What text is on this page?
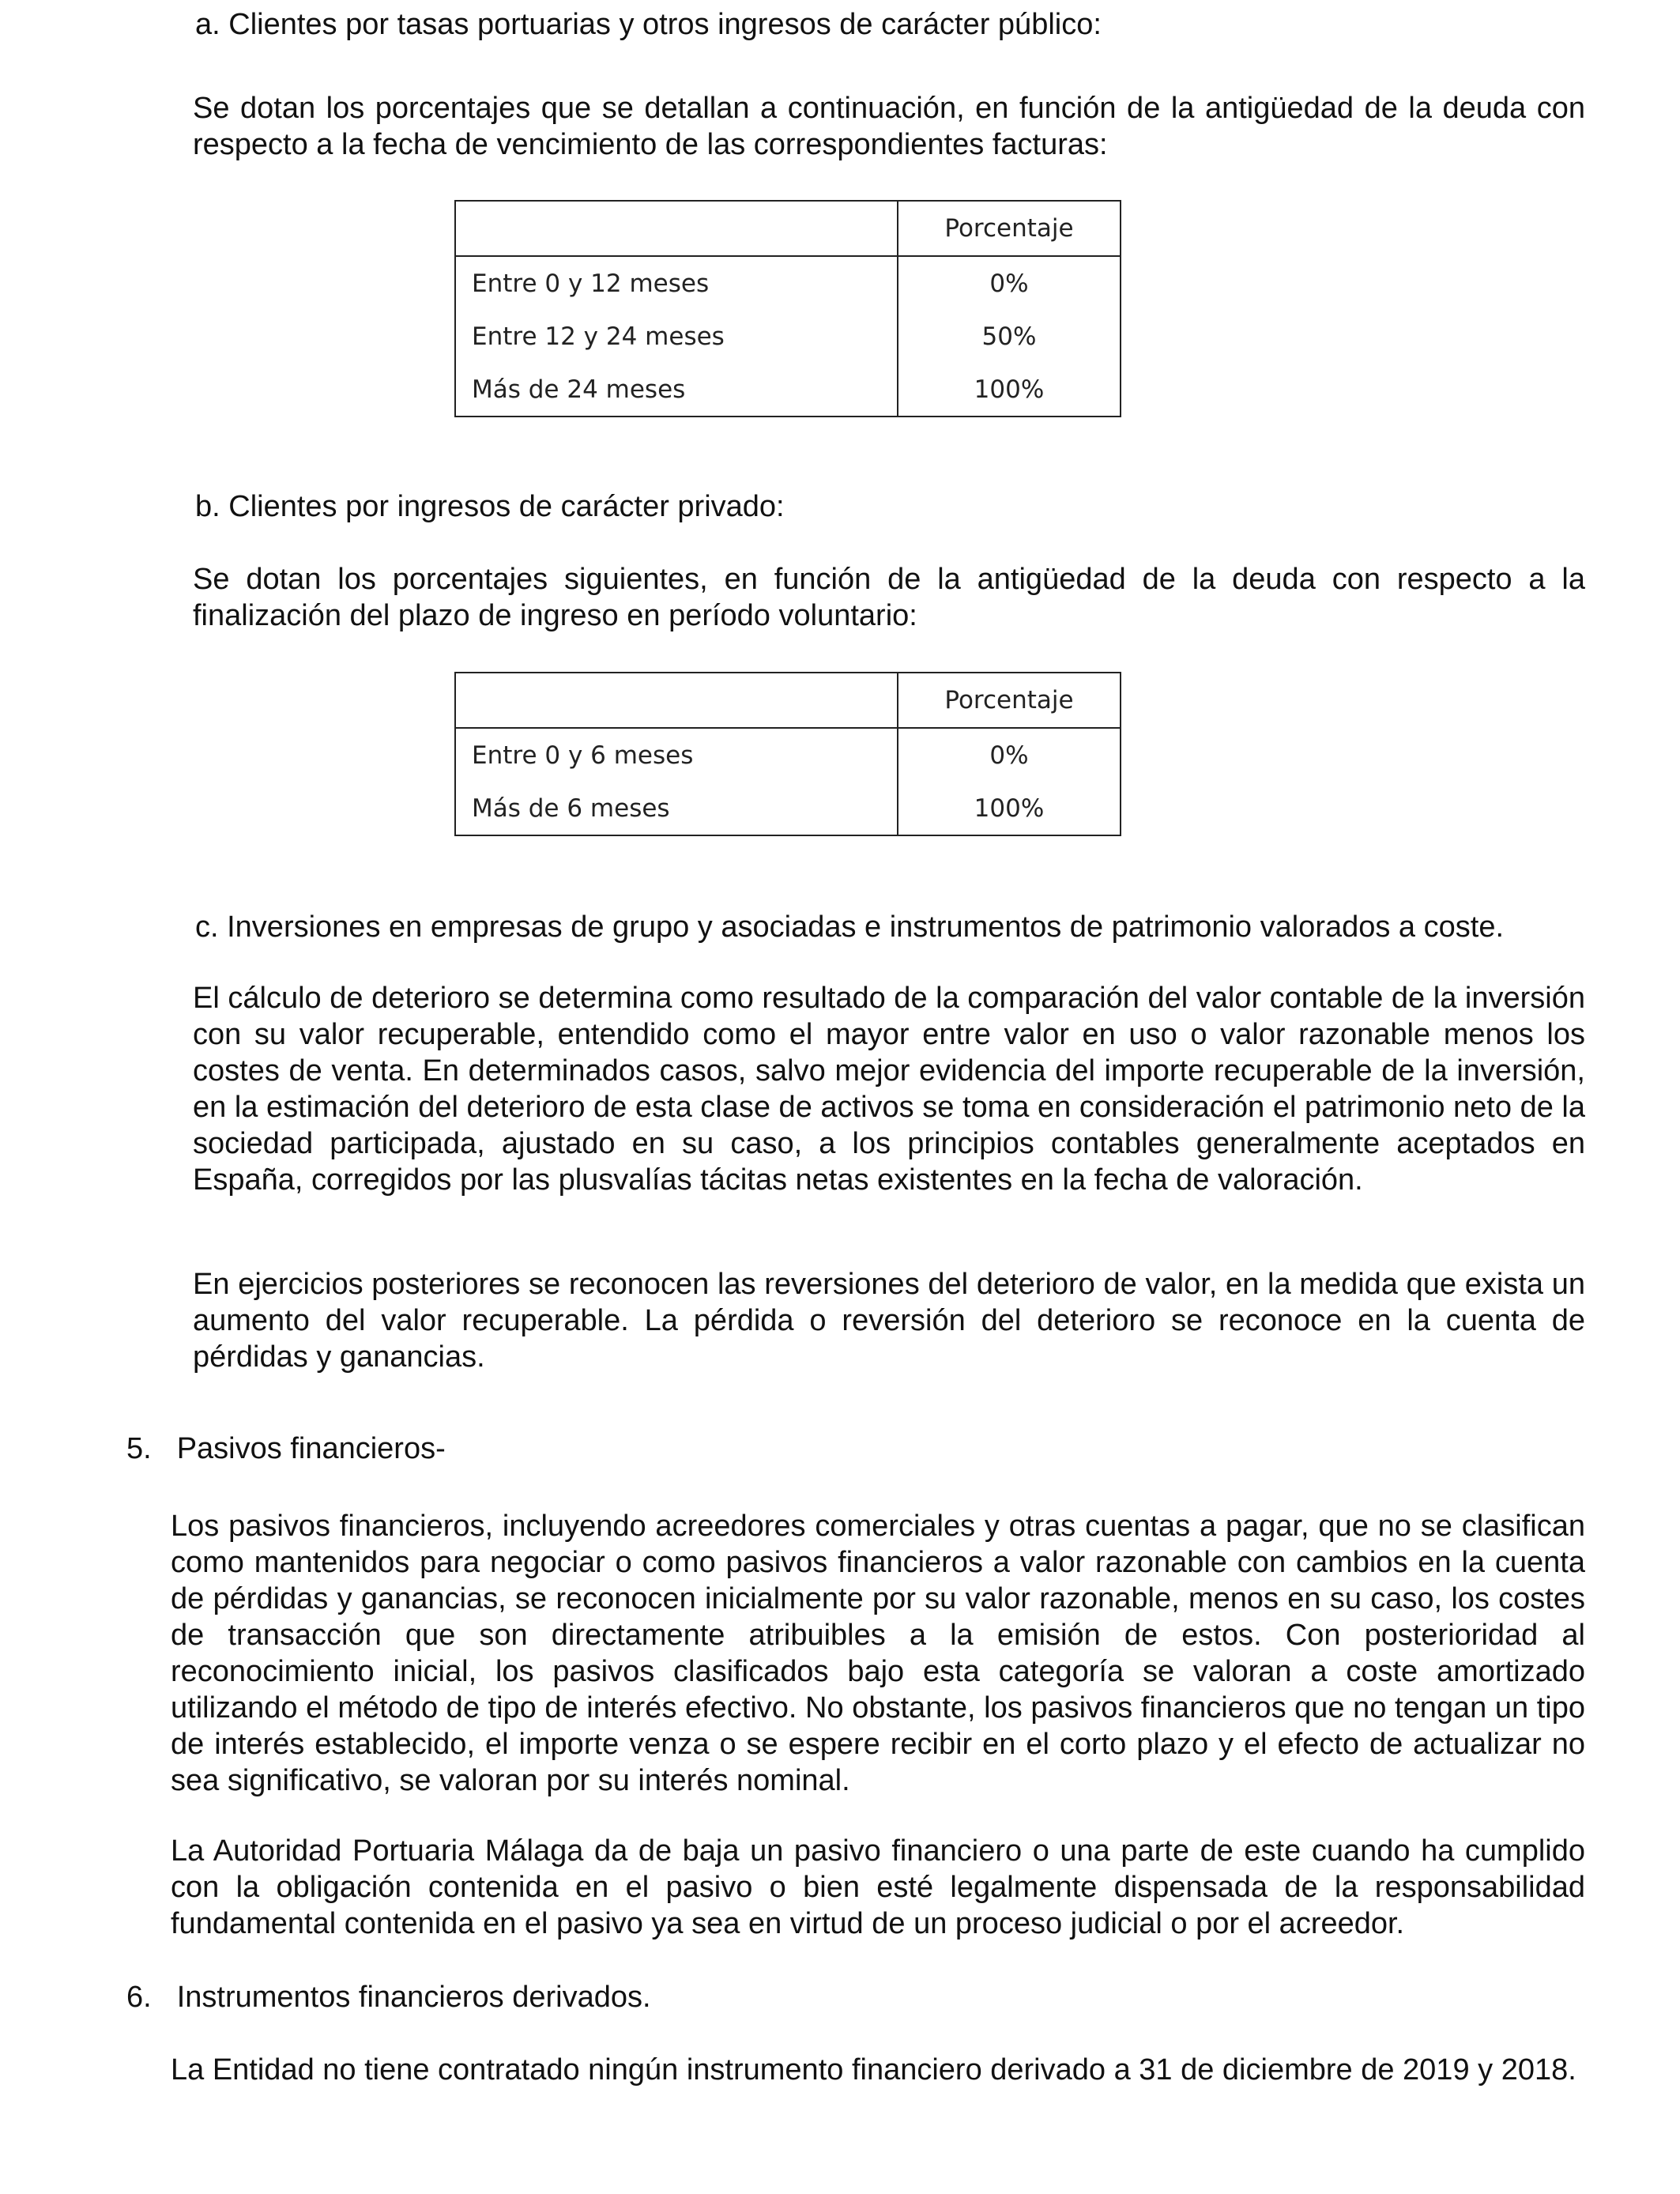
a. Clientes por tasas portuarias y otros ingresos de carácter público:

Se dotan los porcentajes que se detallan a continuación, en función de la antigüedad de la deuda con respecto a la fecha de vencimiento de las correspondientes facturas:

	Porcentaje
Entre 0 y 12 meses	0%
Entre 12 y 24 meses	50%
Más de 24 meses	100%

b. Clientes por ingresos de carácter privado:

Se dotan los porcentajes siguientes, en función de la antigüedad de la deuda con respecto a la finalización del plazo de ingreso en período voluntario:

	Porcentaje
Entre 0 y 6 meses	0%
Más de 6 meses	100%

c. Inversiones en empresas de grupo y asociadas e instrumentos de patrimonio valorados a coste.

El cálculo de deterioro se determina como resultado de la comparación del valor contable de la inversión con su valor recuperable, entendido como el mayor entre valor en uso o valor razonable menos los costes de venta. En determinados casos, salvo mejor evidencia del importe recuperable de la inversión, en la estimación del deterioro de esta clase de activos se toma en consideración el patrimonio neto de la sociedad participada, ajustado en su caso, a los principios contables generalmente aceptados en España, corregidos por las plusvalías tácitas netas existentes en la fecha de valoración.

En ejercicios posteriores se reconocen las reversiones del deterioro de valor, en la medida que exista un aumento del valor recuperable. La pérdida o reversión del deterioro se reconoce en la cuenta de pérdidas y ganancias.

5. Pasivos financieros-

Los pasivos financieros, incluyendo acreedores comerciales y otras cuentas a pagar, que no se clasifican como mantenidos para negociar o como pasivos financieros a valor razonable con cambios en la cuenta de pérdidas y ganancias, se reconocen inicialmente por su valor razonable, menos en su caso, los costes de transacción que son directamente atribuibles a la emisión de estos. Con posterioridad al reconocimiento inicial, los pasivos clasificados bajo esta categoría se valoran a coste amortizado utilizando el método de tipo de interés efectivo. No obstante, los pasivos financieros que no tengan un tipo de interés establecido, el importe venza o se espere recibir en el corto plazo y el efecto de actualizar no sea significativo, se valoran por su interés nominal.

La Autoridad Portuaria Málaga da de baja un pasivo financiero o una parte de este cuando ha cumplido con la obligación contenida en el pasivo o bien esté legalmente dispensada de la responsabilidad fundamental contenida en el pasivo ya sea en virtud de un proceso judicial o por el acreedor.

6. Instrumentos financieros derivados.

La Entidad no tiene contratado ningún instrumento financiero derivado a 31 de diciembre de 2019 y 2018.
